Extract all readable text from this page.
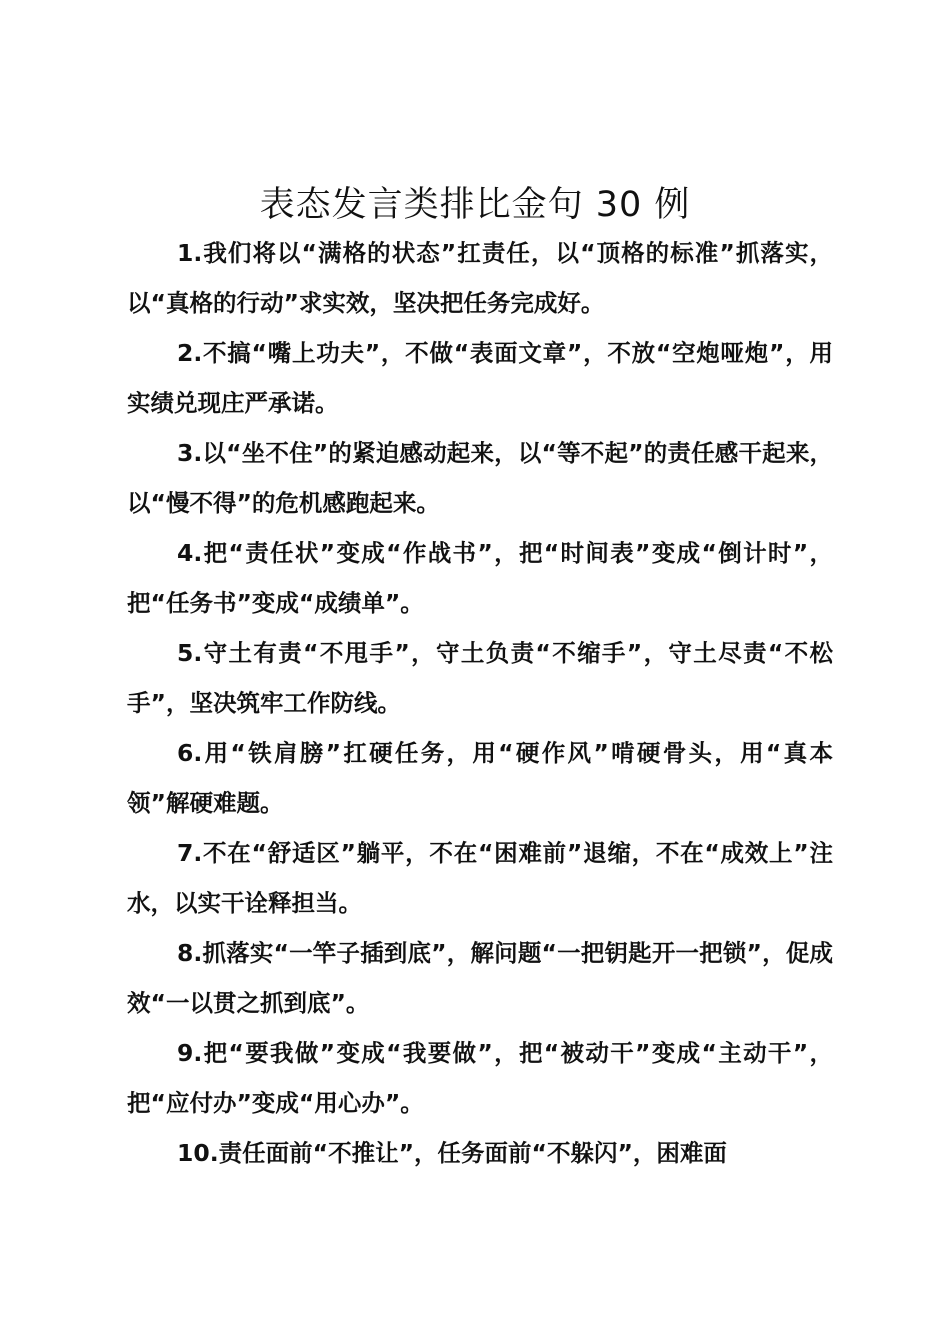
表态发言类排比金句 30 例

1.我们将以“满格的状态”扛责任，以“顶格的标准”抓落实，以“真格的行动”求实效，坚决把任务完成好。

2.不搞“嘴上功夫”，不做“表面文章”，不放“空炮哑炮”，用实绩兑现庄严承诺。

3.以“坐不住”的紧迫感动起来，以“等不起”的责任感干起来，以“慢不得”的危机感跑起来。

4.把“责任状”变成“作战书”，把“时间表”变成“倒计时”，把“任务书”变成“成绩单”。

5.守土有责“不甩手”，守土负责“不缩手”，守土尽责“不松手”，坚决筑牢工作防线。

6.用“铁肩膀”扛硬任务，用“硬作风”啃硬骨头，用“真本领”解硬难题。

7.不在“舒适区”躺平，不在“困难前”退缩，不在“成效上”注水，以实干诠释担当。

8.抓落实“一竿子插到底”，解问题“一把钥匙开一把锁”，促成效“一以贯之抓到底”。

9.把“要我做”变成“我要做”，把“被动干”变成“主动干”，把“应付办”变成“用心办”。

10.责任面前“不推让”，任务面前“不躲闪”，困难面
